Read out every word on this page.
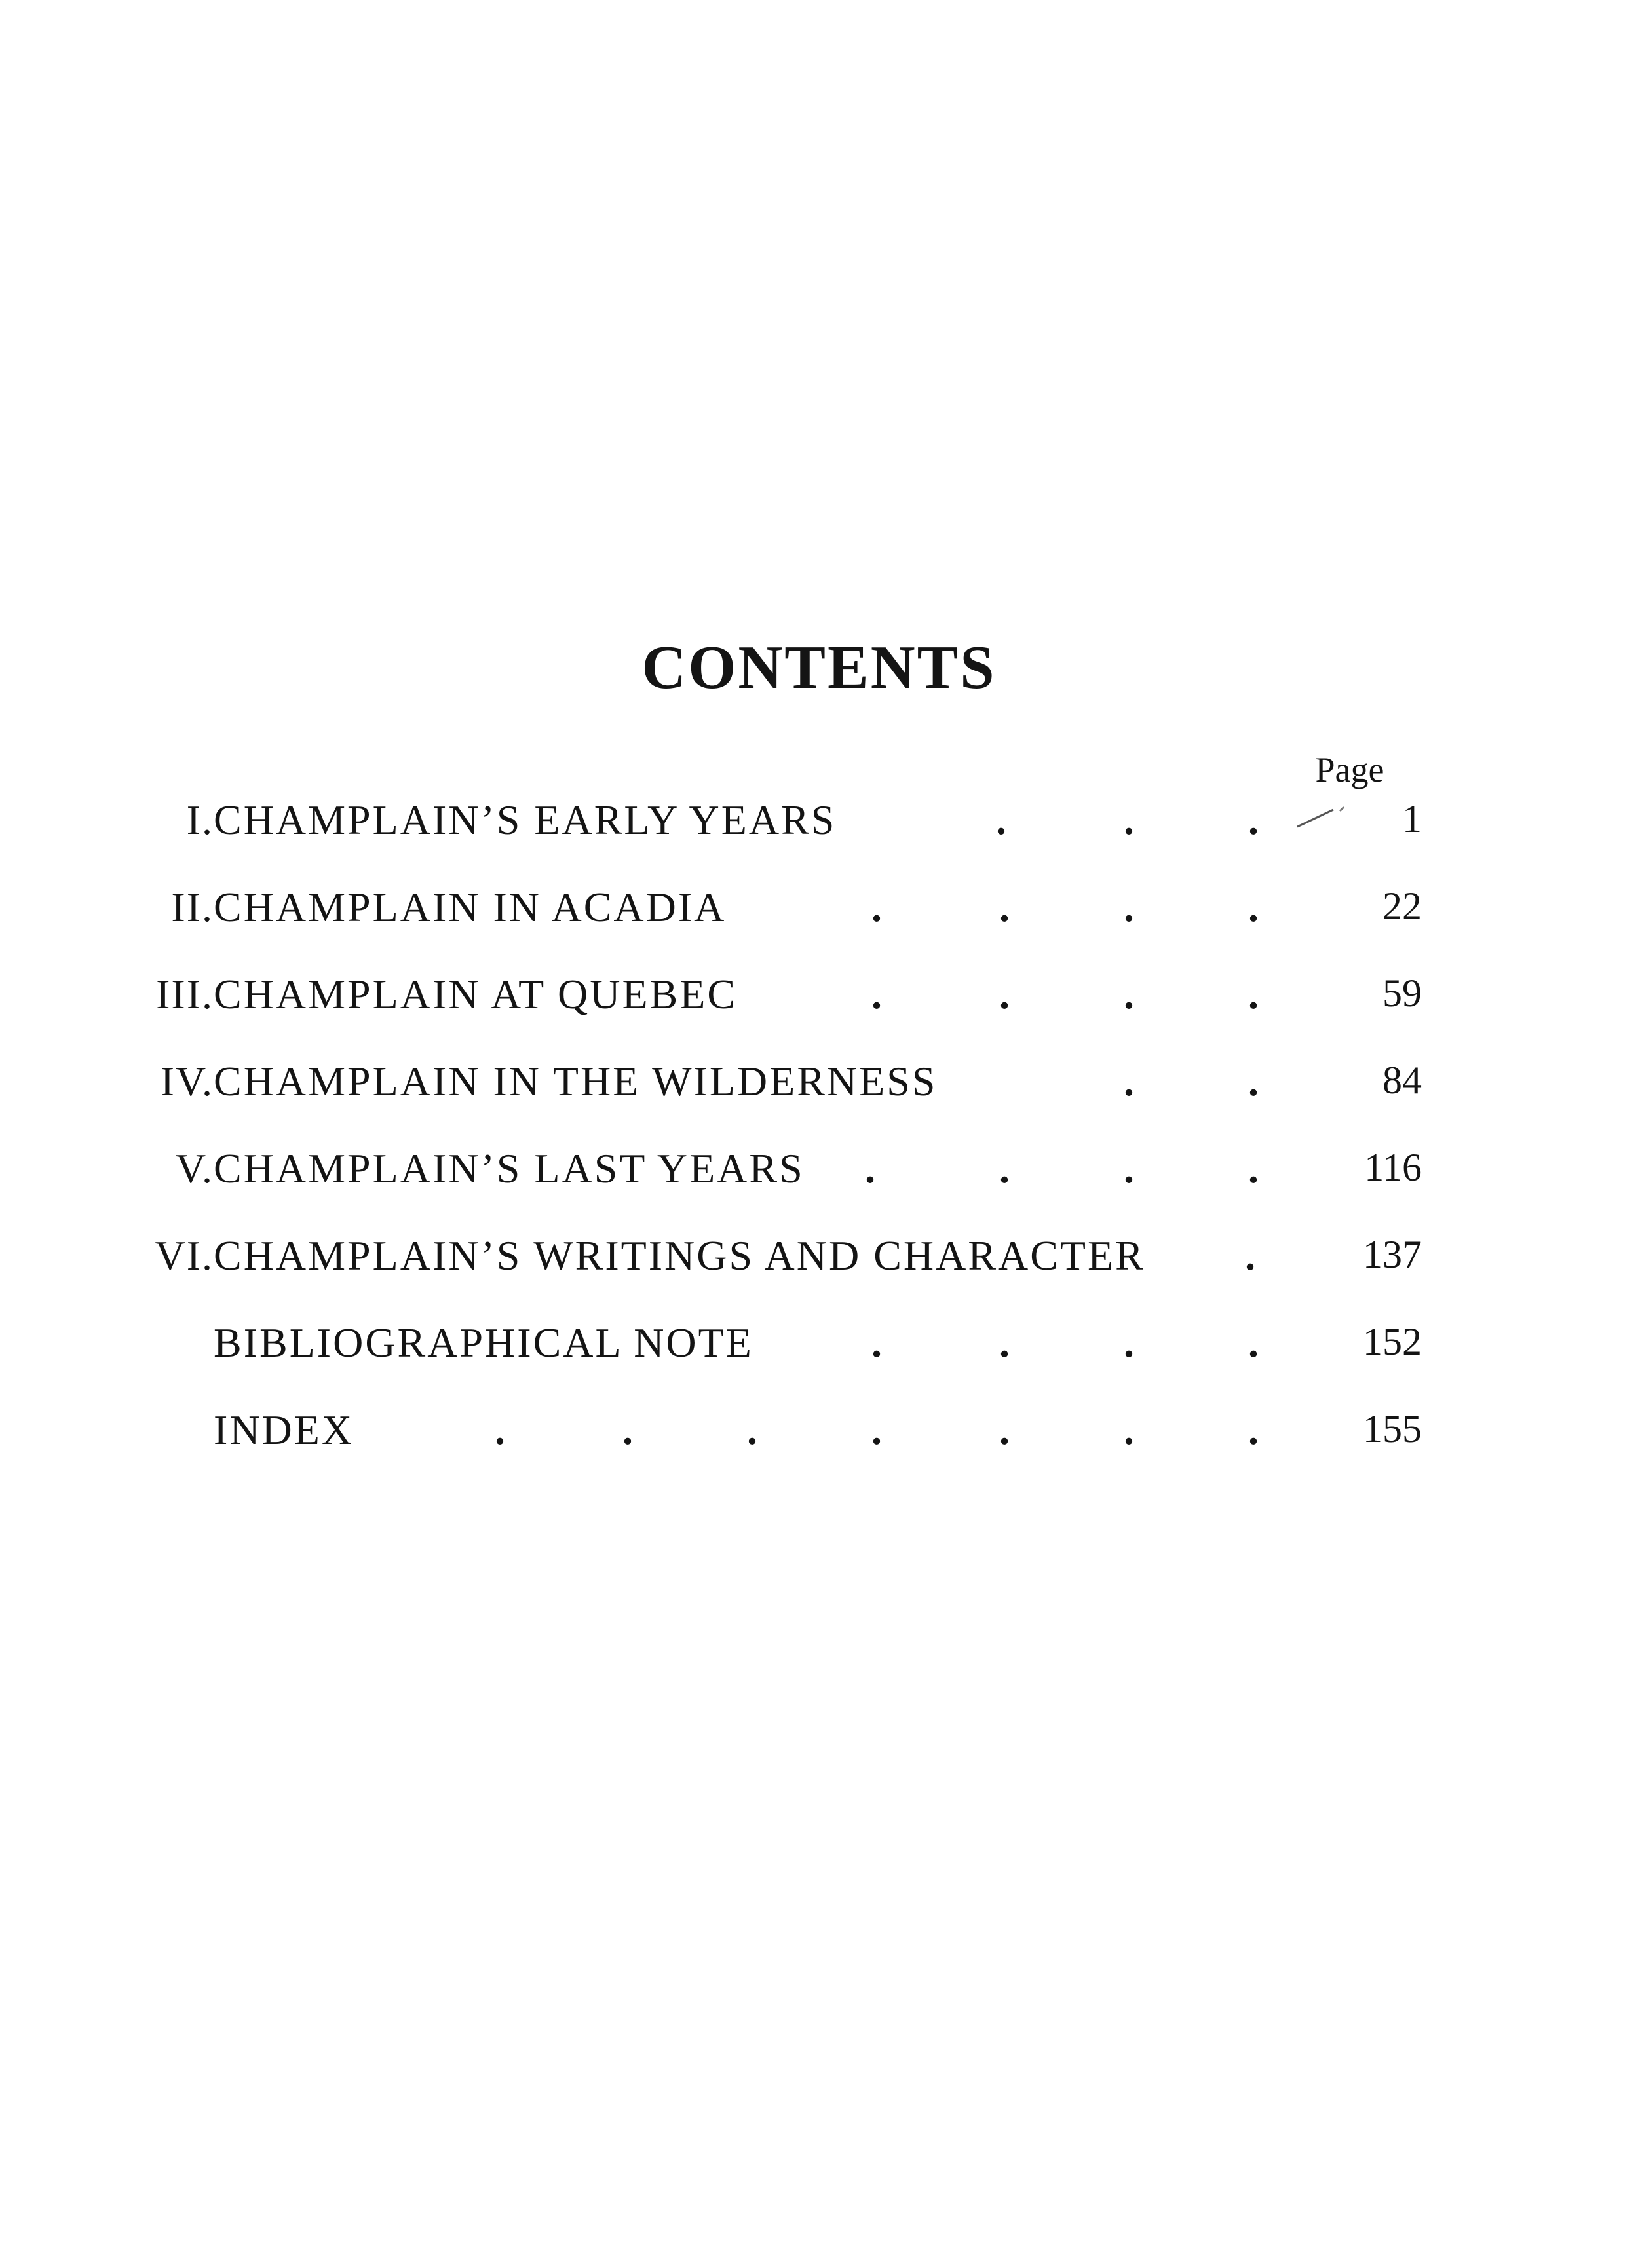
CONTENTS
Page
I. CHAMPLAIN’S EARLY YEARS	.	.	.	1
II. CHAMPLAIN IN ACADIA	.	.	.	.	22
III. CHAMPLAIN AT QUEBEC	.	.	.	.	59
IV. CHAMPLAIN IN THE WILDERNESS	.	.	84
V. CHAMPLAIN’S LAST YEARS .	.	.	.	116
VI. CHAMPLAIN’S WRITINGS AND CHARACTER .	137
BIBLIOGRAPHICAL NOTE	.	.	.	.	152
INDEX	.	.	.	.	.	.	.	155
